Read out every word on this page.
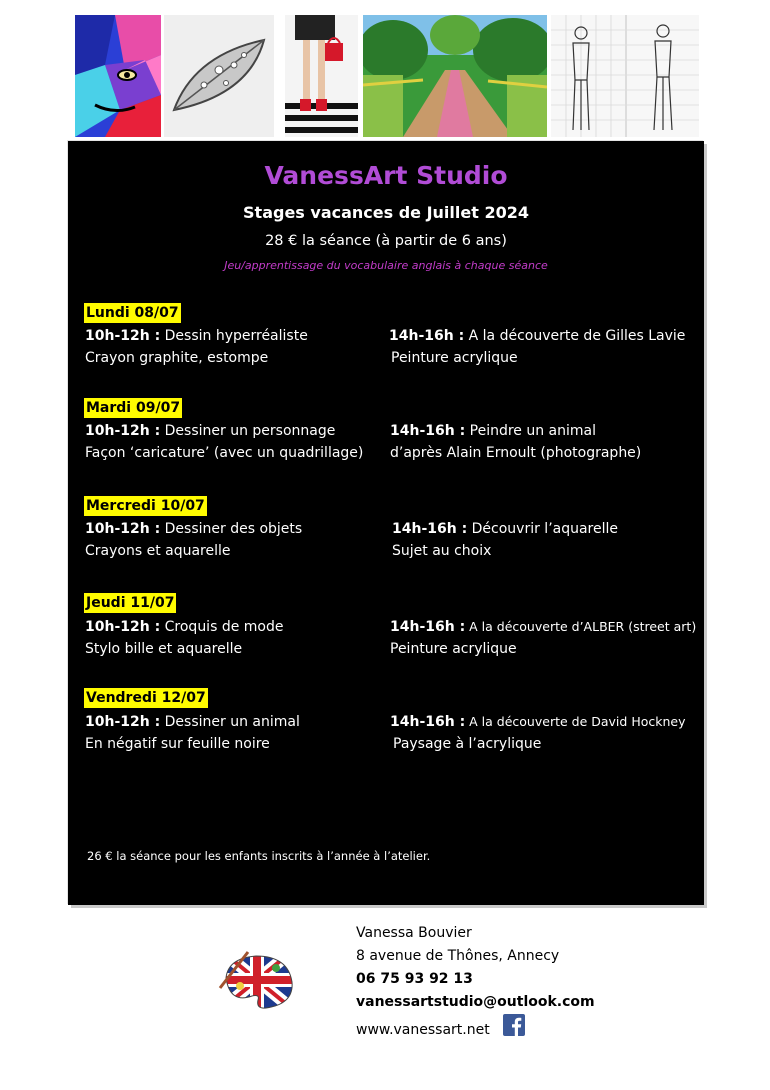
VanessArt Studio
Stages vacances de Juillet 2024
28 € la séance (à partir de 6 ans)
Jeu/apprentissage du vocabulaire anglais à chaque séance
Lundi 08/07
10h-12h : Dessin hyperréaliste
Crayon graphite, estompe
14h-16h : A la découverte de Gilles Lavie
Peinture acrylique
Mardi 09/07
10h-12h : Dessiner un personnage
Façon ‘caricature’ (avec un quadrillage)
14h-16h : Peindre un animal
d’après Alain Ernoult (photographe)
Mercredi 10/07
10h-12h : Dessiner des objets
Crayons et aquarelle
14h-16h : Découvrir l’aquarelle
Sujet au choix
Jeudi 11/07
10h-12h : Croquis de mode
Stylo bille et aquarelle
14h-16h : A la découverte d’ALBER (street art)
Peinture acrylique
Vendredi 12/07
10h-12h : Dessiner un animal
En négatif sur feuille noire
14h-16h : A la découverte de David Hockney
Paysage à l’acrylique
26 € la séance pour les enfants inscrits à l’année à l’atelier.
Vanessa Bouvier
8 avenue de Thônes, Annecy
06 75 93 92 13
vanessartstudio@outlook.com
www.vanessart.net
